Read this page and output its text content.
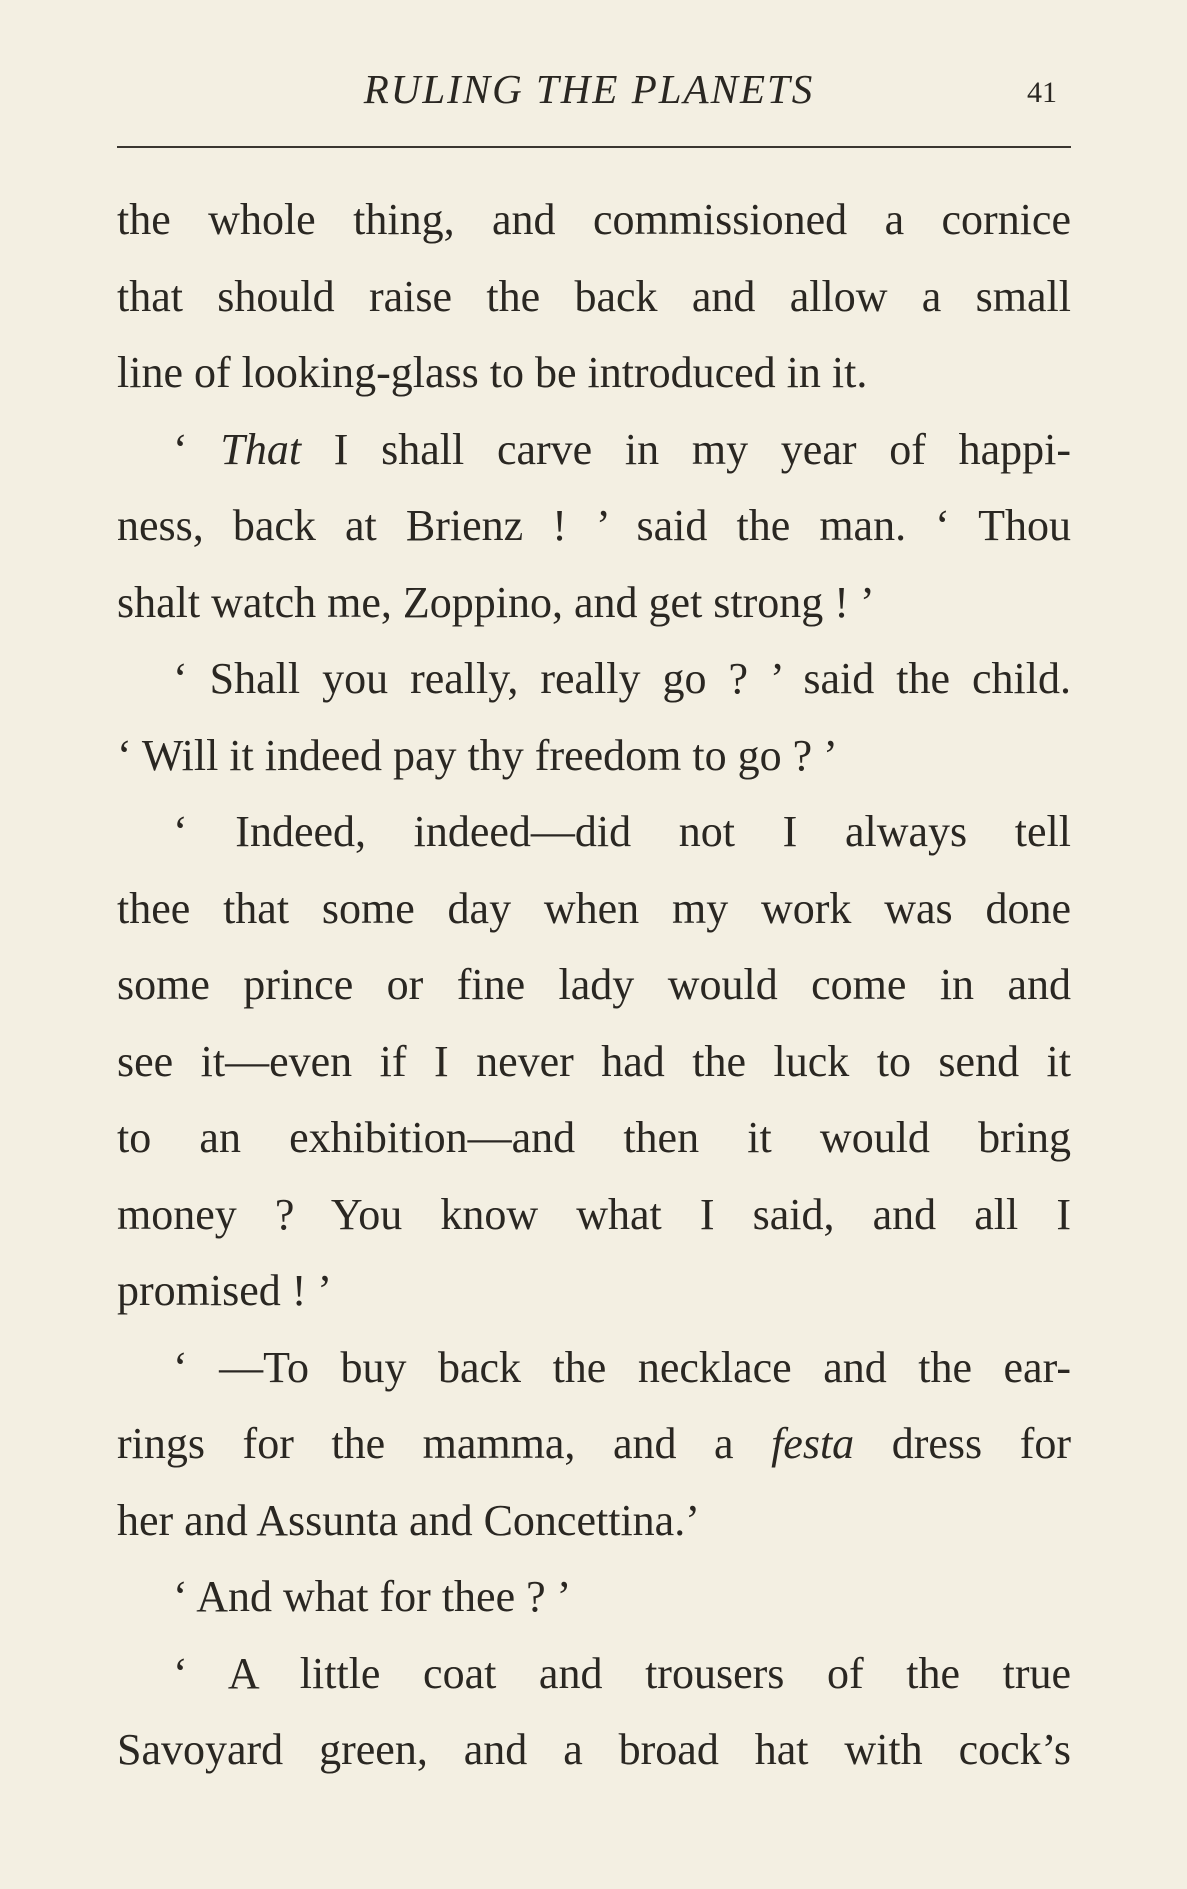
RULING THE PLANETS	41
the whole thing, and commissioned a cornice
that should raise the back and allow a small
line of looking-glass to be introduced in it.
‘ That I shall carve in my year of happi-
ness, back at Brienz ! ’ said the man. ‘ Thou
shalt watch me, Zoppino, and get strong ! ’
‘ Shall you really, really go ? ’ said the child.
‘ Will it indeed pay thy freedom to go ? ’
‘ Indeed, indeed—did not I always tell
thee that some day when my work was done
some prince or fine lady would come in and
see it—even if I never had the luck to send it
to an exhibition—and then it would bring
money ? You know what I said, and all I
promised ! ’
‘ —To buy back the necklace and the ear-
rings for the mamma, and a festa dress for
her and Assunta and Concettina.’
‘ And what for thee ? ’
‘ A little coat and trousers of the true
Savoyard green, and a broad hat with cock’s
